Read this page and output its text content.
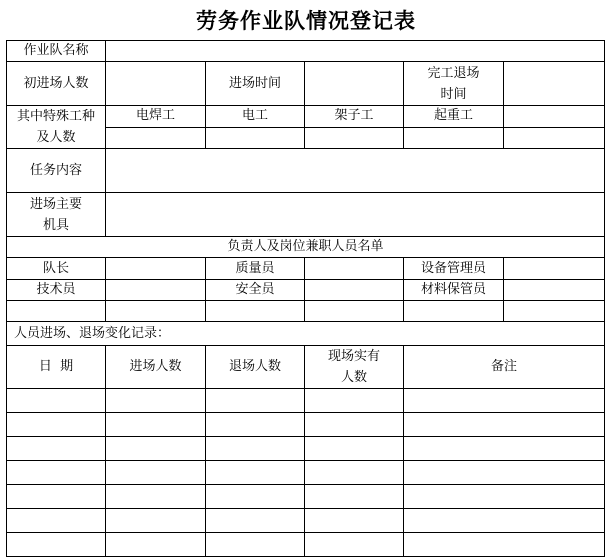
劳务作业队情况登记表
作业队名称					
初进场人数		进场时间		完工退场时间	
其中特殊工种及人数	电焊工	电工	架子工	起重工	

任务内容					
进场主要机具					
负责人及岗位兼职人员名单					
队长		质量员		设备管理员	
技术员		安全员		材料保管员	

人员进场、退场变化记录：					
日  期	进场人数	退场人数	现场实有人数	备注	
